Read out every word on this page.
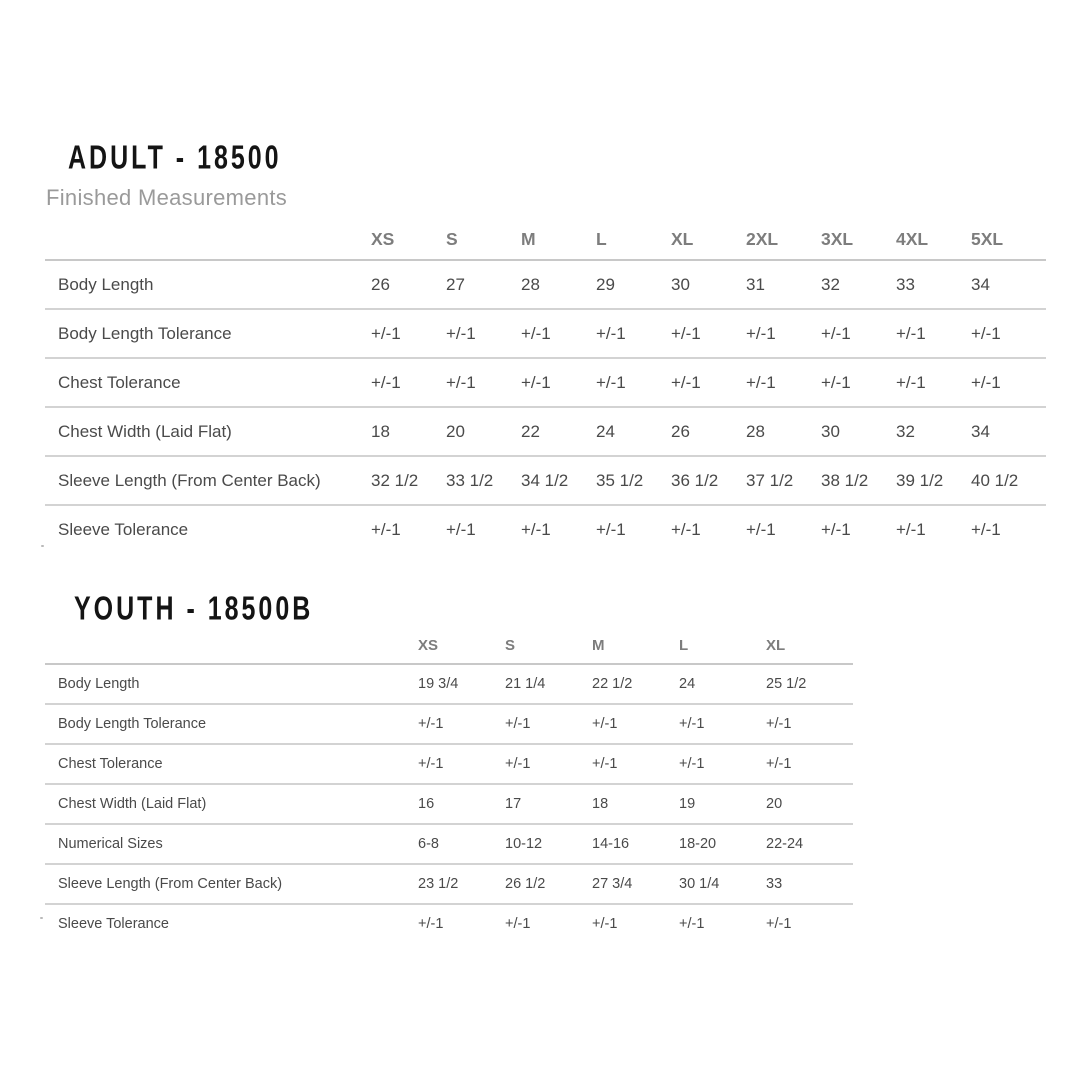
ADULT - 18500
Finished Measurements
	XS	S	M	L	XL	2XL	3XL	4XL	5XL
Body Length	26	27	28	29	30	31	32	33	34
Body Length Tolerance	+/-1	+/-1	+/-1	+/-1	+/-1	+/-1	+/-1	+/-1	+/-1
Chest Tolerance	+/-1	+/-1	+/-1	+/-1	+/-1	+/-1	+/-1	+/-1	+/-1
Chest Width (Laid Flat)	18	20	22	24	26	28	30	32	34
Sleeve Length (From Center Back)	32 1/2	33 1/2	34 1/2	35 1/2	36 1/2	37 1/2	38 1/2	39 1/2	40 1/2
Sleeve Tolerance	+/-1	+/-1	+/-1	+/-1	+/-1	+/-1	+/-1	+/-1	+/-1
YOUTH - 18500B
	XS	S	M	L	XL
Body Length	19 3/4	21 1/4	22 1/2	24	25 1/2
Body Length Tolerance	+/-1	+/-1	+/-1	+/-1	+/-1
Chest Tolerance	+/-1	+/-1	+/-1	+/-1	+/-1
Chest Width (Laid Flat)	16	17	18	19	20
Numerical Sizes	6-8	10-12	14-16	18-20	22-24
Sleeve Length (From Center Back)	23 1/2	26 1/2	27 3/4	30 1/4	33
Sleeve Tolerance	+/-1	+/-1	+/-1	+/-1	+/-1
